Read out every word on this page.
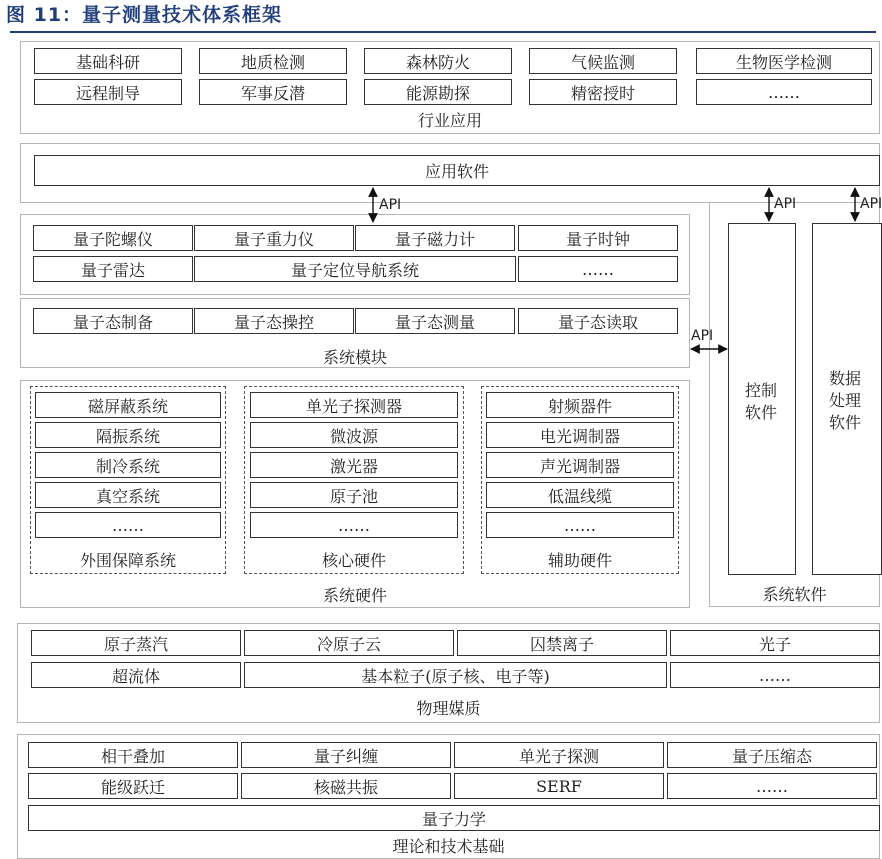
图 11：量子测量技术体系框架
基础科研	地质检测	森林防火	气候监测	生物医学检测
远程制导	军事反潜	能源勘探	精密授时	……
行业应用
应用软件
量子陀螺仪	量子重力仪	量子磁力计	量子时钟
量子雷达	量子定位导航系统	……
量子态制备	量子态操控	量子态测量	量子态读取
系统模块
控制
软件
数据
处理
软件
系统软件
磁屏蔽系统
隔振系统
制冷系统
真空系统
……
外围保障系统
单光子探测器
微波源
激光器
原子池
……
核心硬件
射频器件
电光调制器
声光调制器
低温线缆
……
辅助硬件
系统硬件
原子蒸汽	冷原子云	囚禁离子	光子
超流体	基本粒子(原子核、电子等)	……
物理媒质
相干叠加	量子纠缠	单光子探测	量子压缩态
能级跃迁	核磁共振	SERF	……
量子力学
理论和技术基础
API	API	API
API
